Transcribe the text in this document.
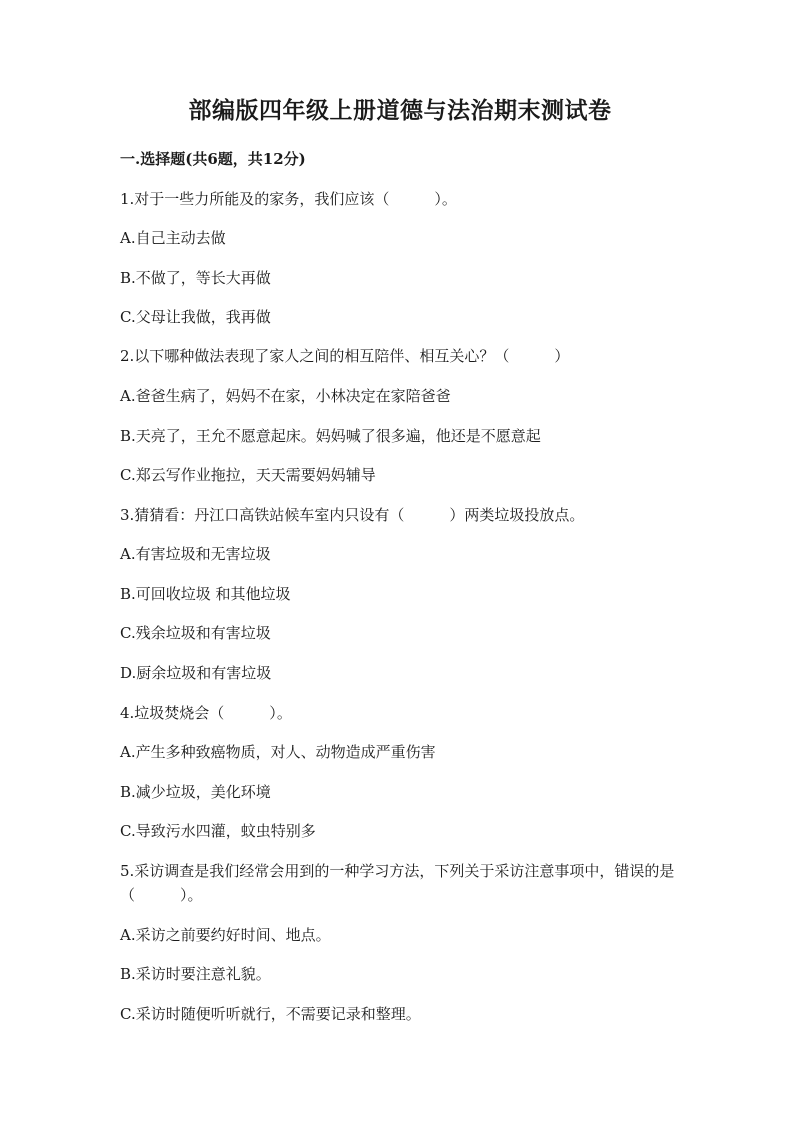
部编版四年级上册道德与法治期末测试卷
一.选择题(共6题，共12分)
1.对于一些力所能及的家务，我们应该（　　　）。
A.自己主动去做
B.不做了，等长大再做
C.父母让我做，我再做
2.以下哪种做法表现了家人之间的相互陪伴、相互关心？（　　　）
A.爸爸生病了，妈妈不在家，小林决定在家陪爸爸
B.天亮了，王允不愿意起床。妈妈喊了很多遍，他还是不愿意起
C.郑云写作业拖拉，天天需要妈妈辅导
3.猜猜看：丹江口高铁站候车室内只设有（　　　）两类垃圾投放点。
A.有害垃圾和无害垃圾
B.可回收垃圾 和其他垃圾
C.残余垃圾和有害垃圾
D.厨余垃圾和有害垃圾
4.垃圾焚烧会（　　　）。
A.产生多种致癌物质，对人、动物造成严重伤害
B.减少垃圾，美化环境
C.导致污水四灌，蚊虫特别多
5.采访调查是我们经常会用到的一种学习方法，下列关于采访注意事项中，错误的是（　　　）。
A.采访之前要约好时间、地点。
B.采访时要注意礼貌。
C.采访时随便听听就行，不需要记录和整理。
